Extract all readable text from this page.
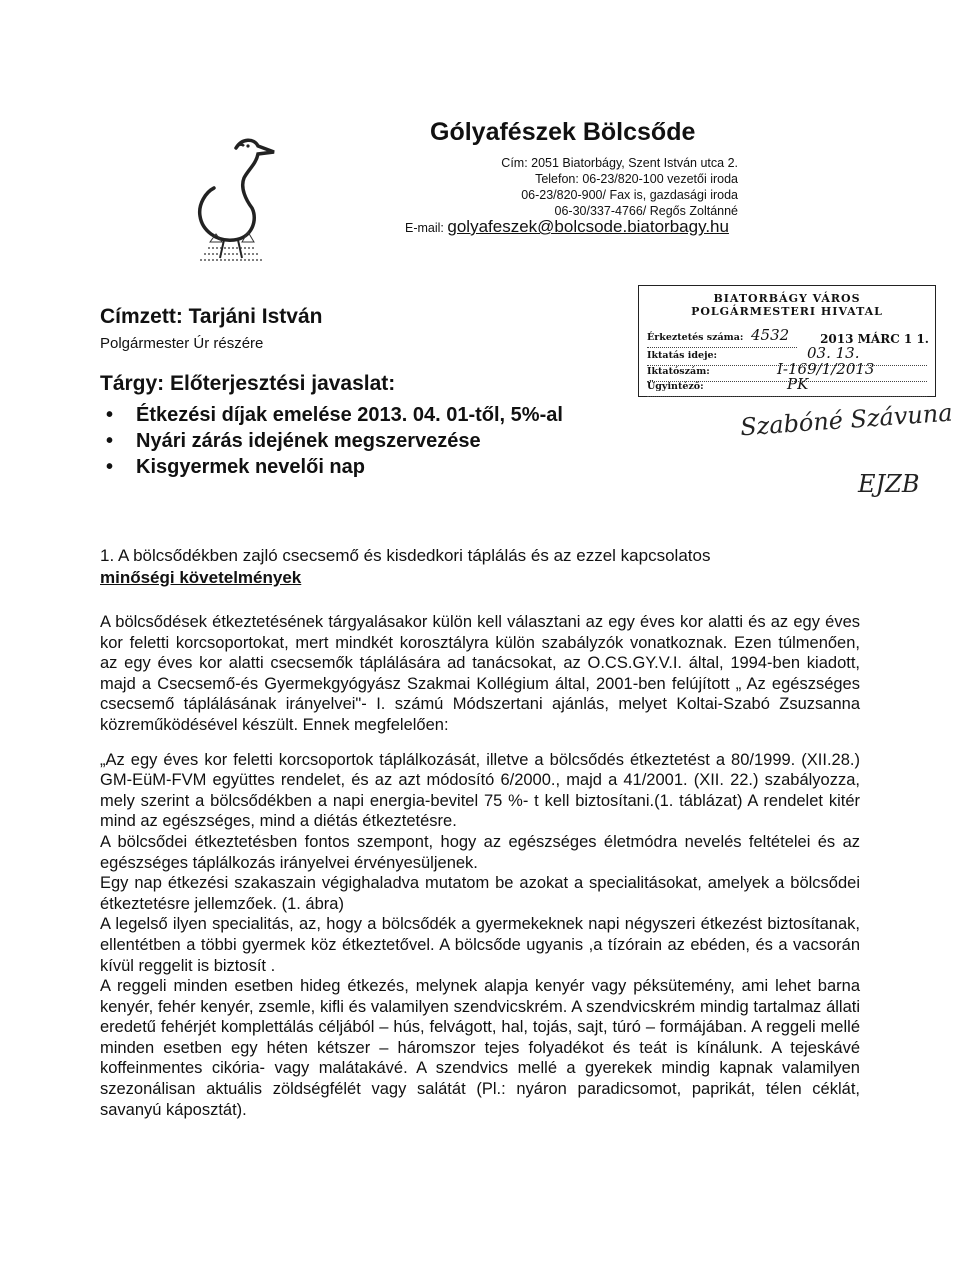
Gólyafészek Bölcsőde
Cím: 2051 Biatorbágy, Szent István utca 2.
Telefon: 06-23/820-100 vezetői iroda
06-23/820-900/ Fax is, gazdasági iroda
06-30/337-4766/ Regős Zoltánné
E-mail: golyafeszek@bolcsode.biatorbagy.hu
Címzett: Tarjáni István
Polgármester Úr részére
Tárgy: Előterjesztési javaslat:
• Étkezési díjak emelése 2013. 04. 01-től, 5%-al
• Nyári zárás idejének megszervezése
• Kisgyermek nevelői nap
BIATORBÁGY VÁROS
POLGÁRMESTERI HIVATAL
Érkeztetés száma: 4532	2013 MÁRC 1 1.
Iktatás ideje:	03. 13.
Iktatószám:	I-169/1/2013
Ügyintéző:	PK
Szabóné Szávuna
EJZB

1. A bölcsődékben zajló csecsemő és kisdedkori táplálás és az ezzel kapcsolatos
minőségi követelmények

A bölcsődések étkeztetésének tárgyalásakor külön kell választani az egy éves kor alatti és az egy éves kor feletti korcsoportokat, mert mindkét korosztályra külön szabályzók vonatkoznak. Ezen túlmenően, az egy éves kor alatti csecsemők táplálására ad tanácsokat, az O.CS.GY.V.I. által, 1994-ben kiadott, majd a Csecsemő-és Gyermekgyógyász Szakmai Kollégium által, 2001-ben felújított „ Az egészséges csecsemő táplálásának irányelvei"- I. számú Módszertani ajánlás, melyet Koltai-Szabó Zsuzsanna közreműködésével készült. Ennek megfelelően:

„Az egy éves kor feletti korcsoportok táplálkozását, illetve a bölcsődés étkeztetést a 80/1999. (XII.28.) GM-EüM-FVM együttes rendelet, és az azt módosító 6/2000., majd a 41/2001. (XII. 22.) szabályozza, mely szerint a bölcsődékben a napi energia-bevitel 75 %- t kell biztosítani.(1. táblázat) A rendelet kitér mind az egészséges, mind a diétás étkeztetésre.

A bölcsődei étkeztetésben fontos szempont, hogy az egészséges életmódra nevelés feltételei és az egészséges táplálkozás irányelvei érvényesüljenek.

Egy nap étkezési szakaszain végighaladva mutatom be azokat a specialitásokat, amelyek a bölcsődei étkeztetésre jellemzőek. (1. ábra)

A legelső ilyen specialitás, az, hogy a bölcsődék a gyermekeknek napi négyszeri étkezést biztosítanak, ellentétben a többi gyermek köz étkeztetővel. A bölcsőde ugyanis ,a tízórain az ebéden, és a vacsorán kívül reggelit is biztosít .

A reggeli minden esetben hideg étkezés, melynek alapja kenyér vagy péksütemény, ami lehet barna kenyér, fehér kenyér, zsemle, kifli és valamilyen szendvicskrém. A szendvicskrém mindig tartalmaz állati eredetű fehérjét komplettálás céljából – hús, felvágott, hal, tojás, sajt, túró – formájában. A reggeli mellé minden esetben egy héten kétszer – háromszor tejes folyadékot és teát is kínálunk. A tejeskávé koffeinmentes cikória- vagy malátakávé. A szendvics mellé a gyerekek mindig kapnak valamilyen szezonálisan aktuális zöldségfélét vagy salátát (Pl.: nyáron paradicsomot, paprikát, télen céklát, savanyú káposztát).
